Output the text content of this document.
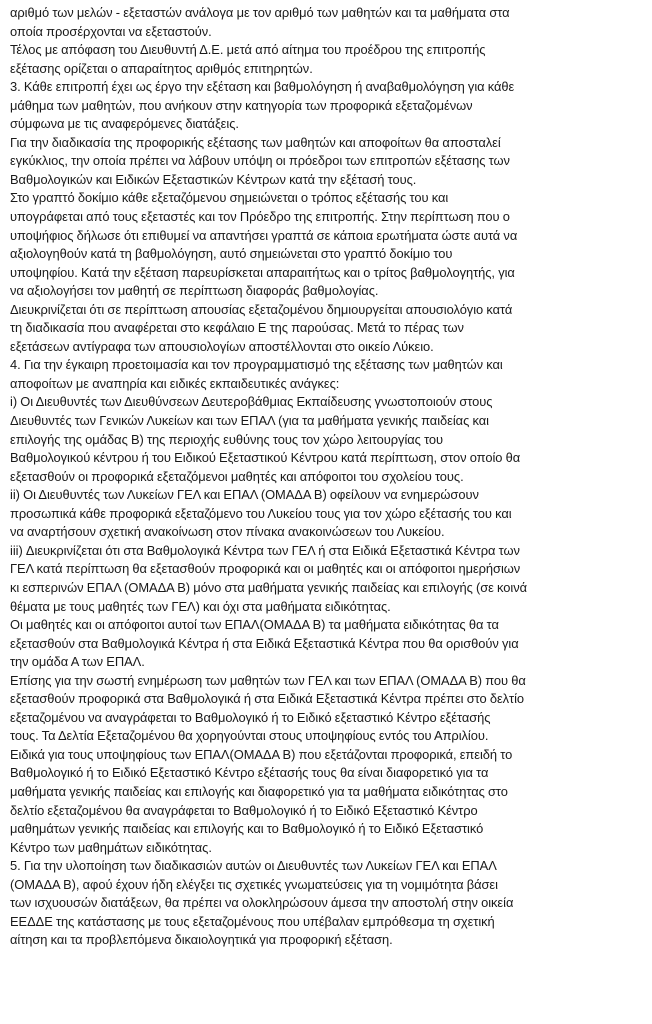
αριθμό των μελών - εξεταστών ανάλογα με τον αριθμό των μαθητών και τα μαθήματα στα
οποία προσέρχονται να εξεταστούν.
Τέλος με απόφαση του Διευθυντή Δ.Ε. μετά από αίτημα του προέδρου της επιτροπής
εξέτασης ορίζεται ο απαραίτητος αριθμός επιτηρητών.
3. Κάθε επιτροπή έχει ως έργο την εξέταση και βαθμολόγηση ή αναβαθμολόγηση για κάθε
μάθημα των μαθητών, που ανήκουν στην κατηγορία των προφορικά εξεταζομένων
σύμφωνα με τις αναφερόμενες διατάξεις.
Για την διαδικασία της προφορικής εξέτασης των μαθητών και αποφοίτων θα αποσταλεί
εγκύκλιος, την οποία πρέπει να λάβουν υπόψη οι πρόεδροι των επιτροπών εξέτασης των
Βαθμολογικών και Ειδικών Εξεταστικών Κέντρων κατά την εξέτασή τους.
Στο γραπτό δοκίμιο κάθε εξεταζόμενου σημειώνεται ο τρόπος εξέτασής του και
υπογράφεται από τους εξεταστές και τον Πρόεδρο της επιτροπής. Στην περίπτωση που ο
υποψήφιος δήλωσε ότι επιθυμεί να απαντήσει γραπτά σε κάποια ερωτήματα ώστε αυτά να
αξιολογηθούν κατά τη βαθμολόγηση, αυτό σημειώνεται στο γραπτό δοκίμιο του
υποψηφίου. Κατά την εξέταση παρευρίσκεται απαραιτήτως και ο τρίτος βαθμολογητής, για
να αξιολογήσει τον μαθητή σε περίπτωση διαφοράς βαθμολογίας.
Διευκρινίζεται ότι σε περίπτωση απουσίας εξεταζομένου δημιουργείται απουσιολόγιο κατά
τη διαδικασία που αναφέρεται στο κεφάλαιο Ε της παρούσας. Μετά το πέρας των
εξετάσεων αντίγραφα των απουσιολογίων αποστέλλονται στο οικείο Λύκειο.
4. Για την έγκαιρη προετοιμασία και τον προγραμματισμό της εξέτασης των μαθητών και
αποφοίτων με αναπηρία και ειδικές εκπαιδευτικές ανάγκες:
i) Οι Διευθυντές των Διευθύνσεων Δευτεροβάθμιας Εκπαίδευσης γνωστοποιούν στους
Διευθυντές των Γενικών Λυκείων και των ΕΠΑΛ (για τα μαθήματα γενικής παιδείας και
επιλογής της ομάδας Β) της περιοχής ευθύνης τους τον χώρο λειτουργίας του
Βαθμολογικού κέντρου ή του Ειδικού Εξεταστικού Κέντρου κατά περίπτωση, στον οποίο θα
εξετασθούν οι προφορικά εξεταζόμενοι μαθητές και απόφοιτοι του σχολείου τους.
ii) Οι Διευθυντές των Λυκείων ΓΕΛ και ΕΠΑΛ (ΟΜΑΔΑ Β) οφείλουν να ενημερώσουν
προσωπικά κάθε προφορικά εξεταζόμενο του Λυκείου τους για τον χώρο εξέτασής του και
να αναρτήσουν σχετική ανακοίνωση στον πίνακα ανακοινώσεων του Λυκείου.
iii) Διευκρινίζεται ότι στα Βαθμολογικά Κέντρα των ΓΕΛ ή στα Ειδικά Εξεταστικά Κέντρα των
ΓΕΛ κατά περίπτωση θα εξετασθούν προφορικά και οι μαθητές και οι απόφοιτοι ημερήσιων
κι εσπερινών ΕΠΑΛ (ΟΜΑΔΑ Β) μόνο στα μαθήματα γενικής παιδείας και επιλογής (σε κοινά
θέματα με τους μαθητές των ΓΕΛ) και όχι στα μαθήματα ειδικότητας.
Οι μαθητές και οι απόφοιτοι αυτοί των ΕΠΑΛ(ΟΜΑΔΑ Β) τα μαθήματα ειδικότητας θα τα
εξετασθούν στα Βαθμολογικά Κέντρα ή στα Ειδικά Εξεταστικά Κέντρα που θα ορισθούν για
την ομάδα Α των ΕΠΑΛ.
Επίσης για την σωστή ενημέρωση των μαθητών των ΓΕΛ και των ΕΠΑΛ (ΟΜΑΔΑ Β) που θα
εξετασθούν προφορικά στα Βαθμολογικά ή στα Ειδικά Εξεταστικά Κέντρα πρέπει στο δελτίο
εξεταζομένου να αναγράφεται το Βαθμολογικό ή το Ειδικό εξεταστικό Κέντρο εξέτασής
τους. Τα Δελτία Εξεταζομένου θα χορηγούνται στους υποψηφίους εντός του Απριλίου.
Ειδικά για τους υποψηφίους των ΕΠΑΛ(ΟΜΑΔΑ Β) που εξετάζονται προφορικά, επειδή το
Βαθμολογικό ή το Ειδικό Εξεταστικό Κέντρο εξέτασής τους θα είναι διαφορετικό για τα
μαθήματα γενικής παιδείας και επιλογής και διαφορετικό για τα μαθήματα ειδικότητας στο
δελτίο εξεταζομένου θα αναγράφεται το Βαθμολογικό ή το Ειδικό Εξεταστικό Κέντρο
μαθημάτων γενικής παιδείας και επιλογής και το Βαθμολογικό ή το Ειδικό Εξεταστικό
Κέντρο των μαθημάτων ειδικότητας.
5. Για την υλοποίηση των διαδικασιών αυτών οι Διευθυντές των Λυκείων ΓΕΛ και ΕΠΑΛ
(ΟΜΑΔΑ Β), αφού έχουν ήδη ελέγξει τις σχετικές γνωματεύσεις για τη νομιμότητα βάσει
των ισχυουσών διατάξεων, θα πρέπει να ολοκληρώσουν άμεσα την αποστολή στην οικεία
ΕΕΔΔΕ της κατάστασης με τους εξεταζομένους που υπέβαλαν εμπρόθεσμα τη σχετική
αίτηση και τα προβλεπόμενα δικαιολογητικά για προφορική εξέταση.
